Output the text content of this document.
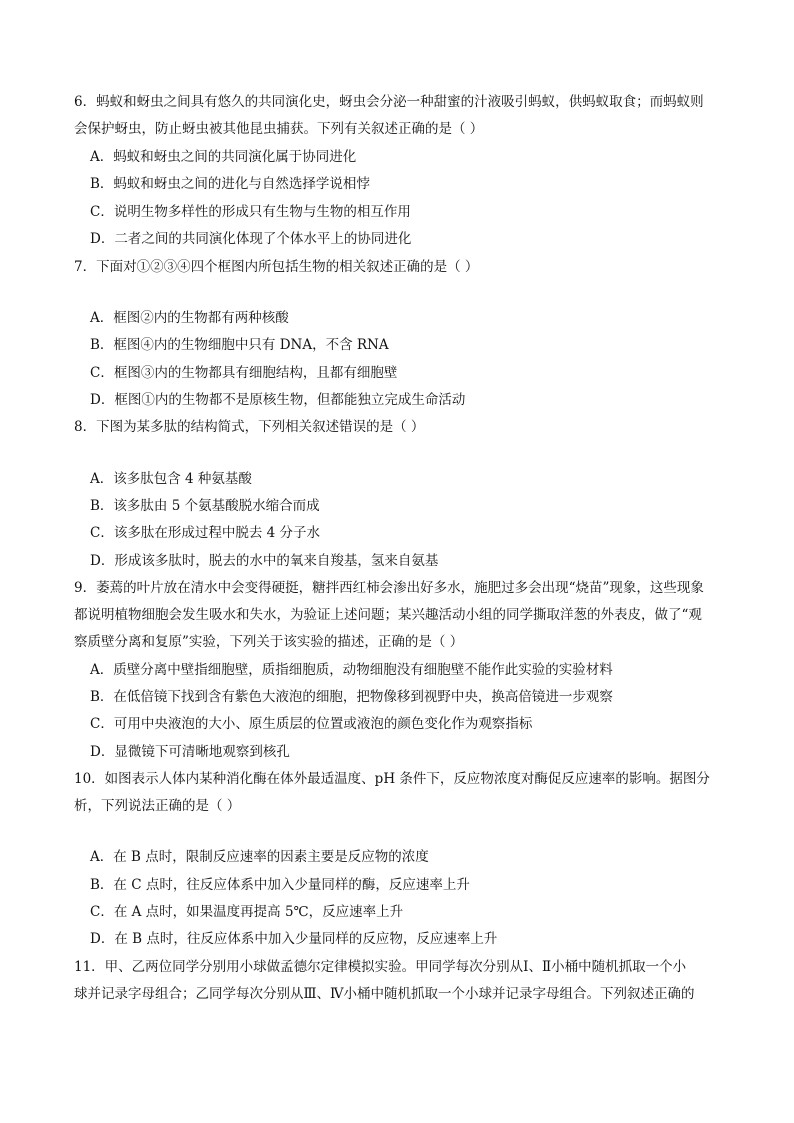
6．蚂蚁和蚜虫之间具有悠久的共同演化史，蚜虫会分泌一种甜蜜的汁液吸引蚂蚁，供蚂蚁取食；而蚂蚁则
会保护蚜虫，防止蚜虫被其他昆虫捕获。下列有关叙述正确的是（ ）
A．蚂蚁和蚜虫之间的共同演化属于协同进化
B．蚂蚁和蚜虫之间的进化与自然选择学说相悖
C．说明生物多样性的形成只有生物与生物的相互作用
D．二者之间的共同演化体现了个体水平上的协同进化
7．下面对①②③④四个框图内所包括生物的相关叙述正确的是（ ）
A．框图②内的生物都有两种核酸
B．框图④内的生物细胞中只有 DNA，不含 RNA
C．框图③内的生物都具有细胞结构，且都有细胞壁
D．框图①内的生物都不是原核生物，但都能独立完成生命活动
8．下图为某多肽的结构简式，下列相关叙述错误的是（ ）
A．该多肽包含 4 种氨基酸
B．该多肽由 5 个氨基酸脱水缩合而成
C．该多肽在形成过程中脱去 4 分子水
D．形成该多肽时，脱去的水中的氧来自羧基，氢来自氨基
9．萎蔫的叶片放在清水中会变得硬挺，糖拌西红柿会渗出好多水，施肥过多会出现“烧苗”现象，这些现象
都说明植物细胞会发生吸水和失水，为验证上述问题；某兴趣活动小组的同学撕取洋葱的外表皮，做了“观
察质壁分离和复原”实验，下列关于该实验的描述，正确的是（ ）
A．质壁分离中壁指细胞壁，质指细胞质，动物细胞没有细胞壁不能作此实验的实验材料
B．在低倍镜下找到含有紫色大液泡的细胞，把物像移到视野中央，换高倍镜进一步观察
C．可用中央液泡的大小、原生质层的位置或液泡的颜色变化作为观察指标
D．显微镜下可清晰地观察到核孔
10．如图表示人体内某种消化酶在体外最适温度、pH 条件下，反应物浓度对酶促反应速率的影响。据图分
析，下列说法正确的是（ ）
A．在 B 点时，限制反应速率的因素主要是反应物的浓度
B．在 C 点时，往反应体系中加入少量同样的酶，反应速率上升
C．在 A 点时，如果温度再提高 5℃，反应速率上升
D．在 B 点时，往反应体系中加入少量同样的反应物，反应速率上升
11．甲、乙两位同学分别用小球做孟德尔定律模拟实验。甲同学每次分别从Ⅰ、Ⅱ小桶中随机抓取一个小
球并记录字母组合；乙同学每次分别从Ⅲ、Ⅳ小桶中随机抓取一个小球并记录字母组合。下列叙述正确的
